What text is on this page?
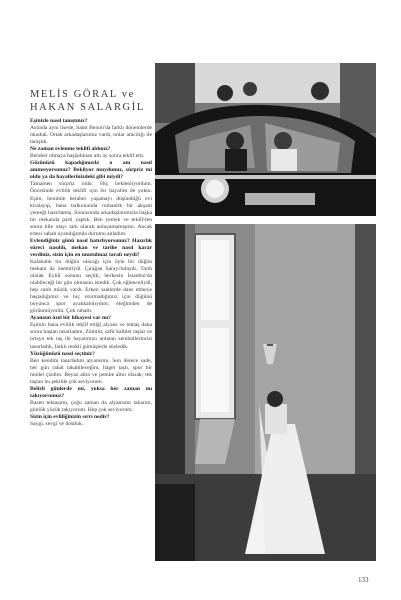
MELİS GÖRAL ve
HAKAN SALARGİL

Eşinizle nasıl tanıştınız?

Aslında aynı lisede, Saint Benoit'da farklı dönemlerde okuduk. Ortak arkadaşlarımız vardı, onlar aracılığı ile tanıştık.

Ne zaman evlenme teklifi aldınız?

Beraber olmaya başladıktan altı ay sonra teklif etti.

Gözünüzü kapadığınızda o anı nasıl anımsıyorsunuz? Bekliyor muydunuz, sürpriz mi oldu ya da hayallerinizdeki gibi miydi?

Tamamen sürpriz oldu. Hiç beklemiyordum. Öncesinde evlilik teklifi için bir hayalim de yoktu. Eşim, benimle beraber yaşamayı düşündüğü evi kiralayıp, bana balkonunda romantik bir akşam yemeği hazırlamış. Sonrasında arkadaşlarımızla başka bir mekanda parti yaptık. Ben yemek ve teklif-ten sonra bile olayı tam olarak anlayamamıştım. Ancak ertesi sabah uyandığımda durumu anladım.

Evlendiğiniz günü nasıl hatırlıyorsunuz? Hazırlık süreci nasıldı, mekan ve tarihe nasıl karar verdiniz, sizin için en unutulmaz tarafı neydi?

Kalabalık bir düğün olacağı için öyle bir düğün mekanı da önemliydi. Çırağan Sarayı'ndaydı. Tarih olarak Eylül sonunu seçtik, herkesin İstanbul'da olabileceği bir gün olmasını istedik. Çok eğlenceliydi, hep canlı müzik vardı. Erken saatlerde dans etmeye başladığımız ve hiç oturmadığımız için düğünü boyunca spor ayakkabılıydım; eteğimden de görünmüyordu. Çok rahattı.

Ayanızın özel bir hikayesi var mı?

Eşimin bana evlilik teklif ettiği alyans ve tektaş daha sonra baştan tasarladım. Zümrüt, safir kalbler taşlar ve ortaya tek taş ile hayatımızı anlatan sembollerimizi tasarladık, farklı renkli gümüşlerle süsledik.

Yüzüğünüzü nasıl seçtiniz?

Ben kendim tasarladım alyansımı. Son derece sade, her gün rahat takabileceğim, baget taşlı, spor bir model çizdim. Beyaz altın ve pembe altın olarak; tek taştan bu şekilde çok seviyorum.

Belirli günlerde mi, yoksa her zaman mı takıyorsunuz?

Bazen tektaşımı, çoğu zaman da alyansımı takarım, günlük yüzük takıyorum. Hep çok seviyorum.

Sizin için evliliğinizin sırrı nedir?

Saygı, sevgi ve dostluk.

133
